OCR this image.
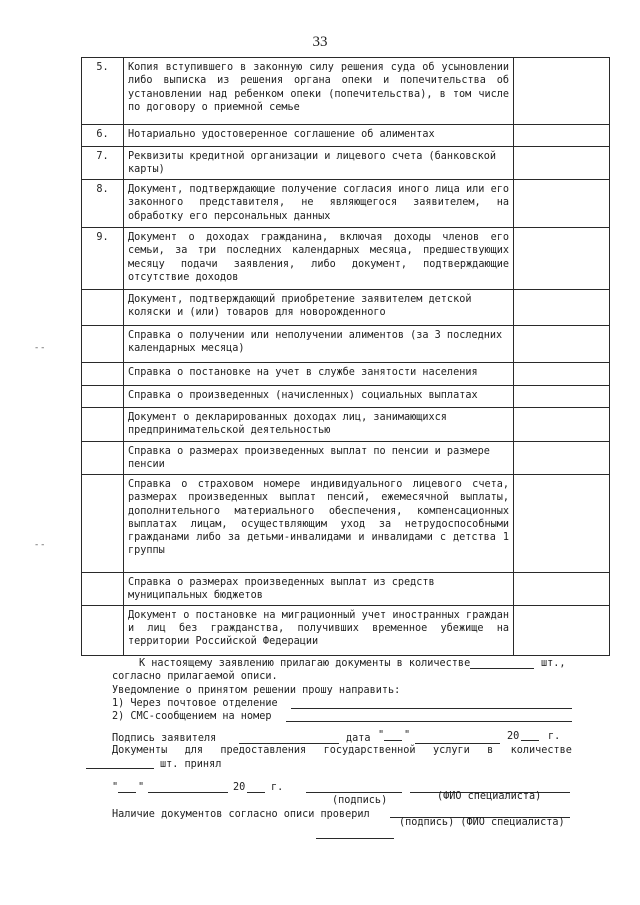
33
5.	Копия вступившего в законную силу решения суда об усыновлении либо выписка из решения органа опеки и попечительства об установлении над ребенком опеки (попечительства), в том числе по договору о приемной семье	
6.	Нотариально удостоверенное соглашение об алиментах	
7.	Реквизиты кредитной организации и лицевого счета (банковской карты)	
8.	Документ, подтверждающие получение согласия иного лица или его законного представителя, не являющегося заявителем, на обработку его персональных данных	
9.	Документ о доходах гражданина, включая доходы членов его семьи, за три последних календарных месяца, предшествующих месяцу подачи заявления, либо документ, подтверждающие отсутствие доходов	
	Документ, подтверждающий приобретение заявителем детской коляски и (или) товаров для новорожденного	
	Справка о получении или неполучении алиментов (за 3 последних календарных месяца)	
	Справка о постановке на учет в службе занятости населения	
	Справка о произведенных (начисленных) социальных выплатах	
	Документ о декларированных доходах лиц, занимающихся предпринимательской деятельностью	
	Справка о размерах произведенных выплат по пенсии и размере пенсии	
	Справка о страховом номере индивидуального лицевого счета, размерах произведенных выплат пенсий, ежемесячной выплаты, дополнительного материального обеспечения, компенсационных выплатах лицам, осуществляющим уход за нетрудоспособными гражданами либо за детьми-инвалидами и инвалидами с детства 1 группы	
	Справка о размерах произведенных выплат из средств муниципальных бюджетов	
	Документ о постановке на миграционный учет иностранных граждан и лиц без гражданства, получивших временное убежище на территории Российской Федерации	
К настоящему заявлению прилагаю документы в количестве	шт.,
согласно прилагаемой описи.
Уведомление о принятом решении прошу направить:
1) Через почтовое отделение
2) СМС-сообщением на номер
Подпись заявителя	дата " "	20	г.
Документы для предоставления государственной услуги в количестве
шт. принял
" "	20	г.
(подпись)	(ФИО специалиста)
Наличие документов согласно описи проверил
(подпись) (ФИО специалиста)
- -
- -
